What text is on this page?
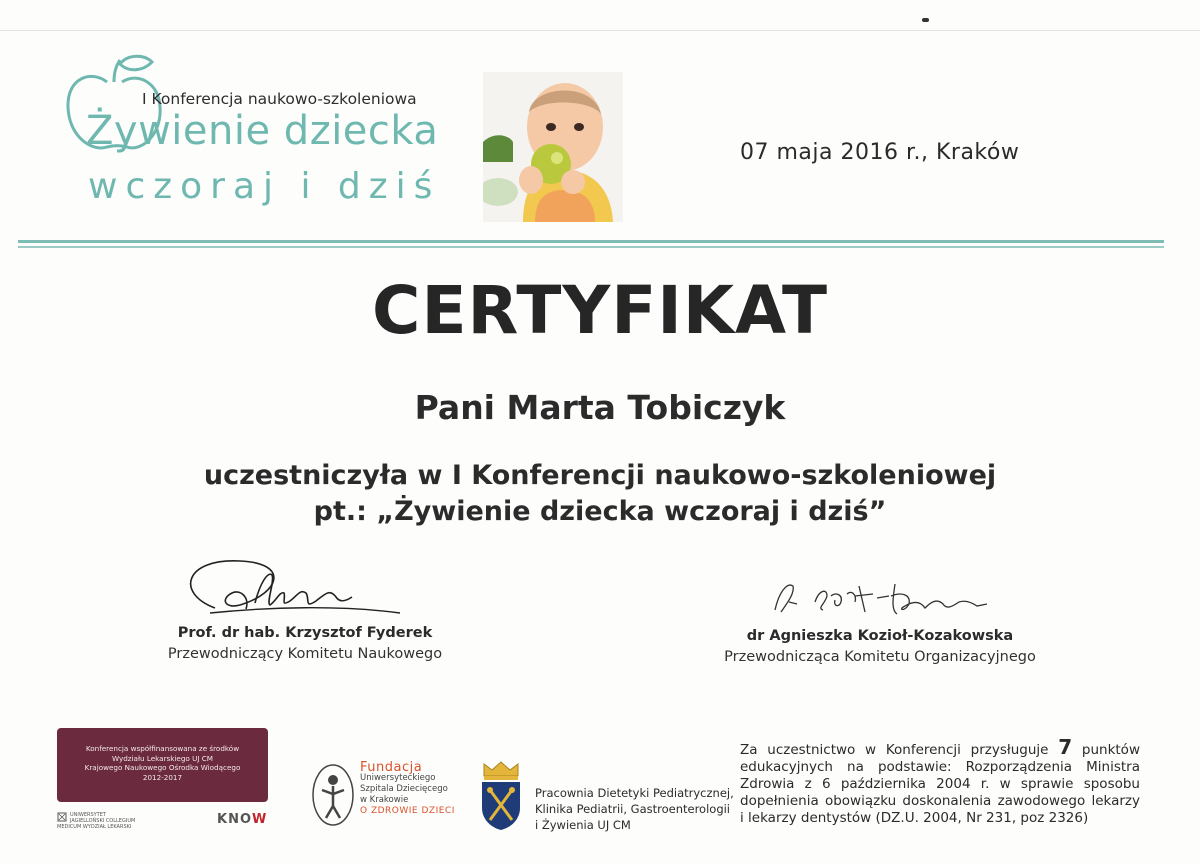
I Konferencja naukowo-szkoleniowa
Żywienie dziecka
wczoraj i dziś
07 maja 2016 r., Kraków
CERTYFIKAT
Pani Marta Tobiczyk
uczestniczyła w I Konferencji naukowo-szkoleniowej
pt.: „Żywienie dziecka wczoraj i dziś”
Prof. dr hab. Krzysztof Fyderek
Przewodniczący Komitetu Naukowego
dr Agnieszka Kozioł-Kozakowska
Przewodnicząca Komitetu Organizacyjnego
Konferencja współfinansowana ze środków
Wydziału Lekarskiego UJ CM
Krajowego Naukowego Ośrodka Wiodącego
2012-2017
UNIWERSYTET JAGIELLOŃSKI COLLEGIUM MEDICUM WYDZIAŁ LEKARSKI	KNOW
Fundacja
Uniwersyteckiego
Szpitala Dziecięcego
w Krakowie
O ZDROWIE DZIECI
Pracownia Dietetyki Pediatrycznej,
Klinika Pediatrii, Gastroenterologii
i Żywienia UJ CM
Za uczestnictwo w Konferencji przysługuje 7 punktów edukacyjnych na podstawie: Rozporządzenia Ministra Zdrowia z 6 października 2004 r. w sprawie sposobu dopełnienia obowiązku doskonalenia zawodowego lekarzy i lekarzy dentystów (DZ.U. 2004, Nr 231, poz 2326)
